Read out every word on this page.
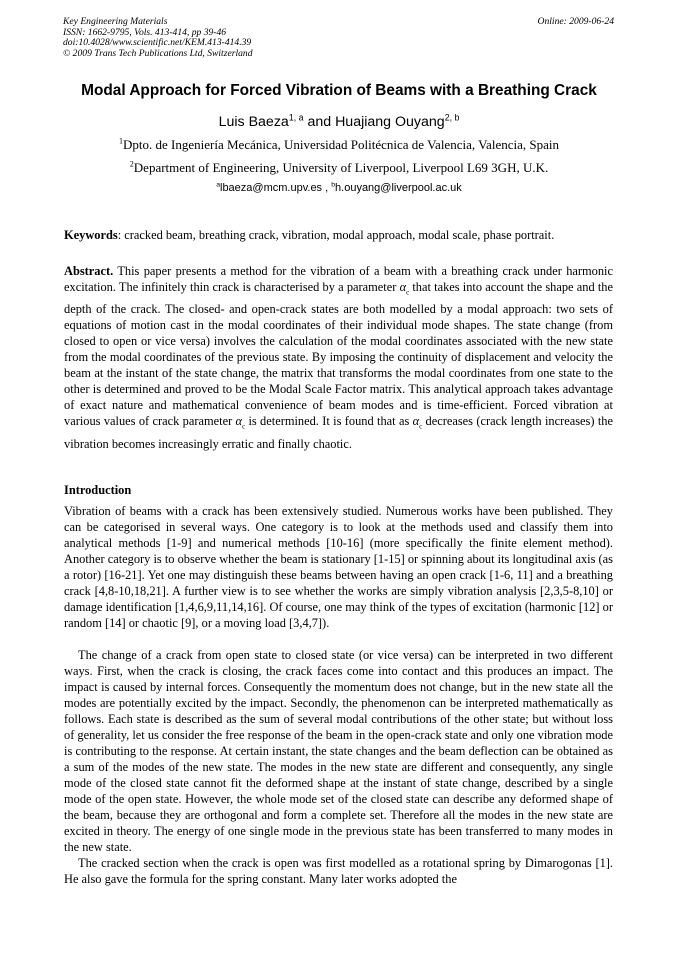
Key Engineering Materials
ISSN: 1662-9795, Vols. 413-414, pp 39-46
doi:10.4028/www.scientific.net/KEM.413-414.39
© 2009 Trans Tech Publications Ltd, Switzerland
Online: 2009-06-24
Modal Approach for Forced Vibration of Beams with a Breathing Crack
Luis Baeza$^{1, a}$ and Huajiang Ouyang$^{2, b}$
$^1$Dpto. de Ingeniería Mecánica, Universidad Politécnica de Valencia, Valencia, Spain
$^2$Department of Engineering, University of Liverpool, Liverpool L69 3GH, U.K.
$^a$lbaeza@mcm.upv.es , $^b$h.ouyang@liverpool.ac.uk
Keywords: cracked beam, breathing crack, vibration, modal approach, modal scale, phase portrait.
Abstract. This paper presents a method for the vibration of a beam with a breathing crack under harmonic excitation. The infinitely thin crack is characterised by a parameter $\alpha_c$ that takes into account the shape and the depth of the crack. The closed- and open-crack states are both modelled by a modal approach: two sets of equations of motion cast in the modal coordinates of their individual mode shapes. The state change (from closed to open or vice versa) involves the calculation of the modal coordinates associated with the new state from the modal coordinates of the previous state. By imposing the continuity of displacement and velocity the beam at the instant of the state change, the matrix that transforms the modal coordinates from one state to the other is determined and proved to be the Modal Scale Factor matrix. This analytical approach takes advantage of exact nature and mathematical convenience of beam modes and is time-efficient. Forced vibration at various values of crack parameter $\alpha_c$ is determined. It is found that as $\alpha_c$ decreases (crack length increases) the vibration becomes increasingly erratic and finally chaotic.
Introduction
Vibration of beams with a crack has been extensively studied. Numerous works have been published. They can be categorised in several ways. One category is to look at the methods used and classify them into analytical methods [1-9] and numerical methods [10-16] (more specifically the finite element method). Another category is to observe whether the beam is stationary [1-15] or spinning about its longitudinal axis (as a rotor) [16-21]. Yet one may distinguish these beams between having an open crack [1-6, 11] and a breathing crack [4,8-10,18,21]. A further view is to see whether the works are simply vibration analysis [2,3,5-8,10] or damage identification [1,4,6,9,11,14,16]. Of course, one may think of the types of excitation (harmonic [12] or random [14] or chaotic [9], or a moving load [3,4,7]).
The change of a crack from open state to closed state (or vice versa) can be interpreted in two different ways. First, when the crack is closing, the crack faces come into contact and this produces an impact. The impact is caused by internal forces. Consequently the momentum does not change, but in the new state all the modes are potentially excited by the impact. Secondly, the phenomenon can be interpreted mathematically as follows. Each state is described as the sum of several modal contributions of the other state; but without loss of generality, let us consider the free response of the beam in the open-crack state and only one vibration mode is contributing to the response. At certain instant, the state changes and the beam deflection can be obtained as a sum of the modes of the new state. The modes in the new state are different and consequently, any single mode of the closed state cannot fit the deformed shape at the instant of state change, described by a single mode of the open state. However, the whole mode set of the closed state can describe any deformed shape of the beam, because they are orthogonal and form a complete set. Therefore all the modes in the new state are excited in theory. The energy of one single mode in the previous state has been transferred to many modes in the new state.
The cracked section when the crack is open was first modelled as a rotational spring by Dimarogonas [1]. He also gave the formula for the spring constant. Many later works adopted the
